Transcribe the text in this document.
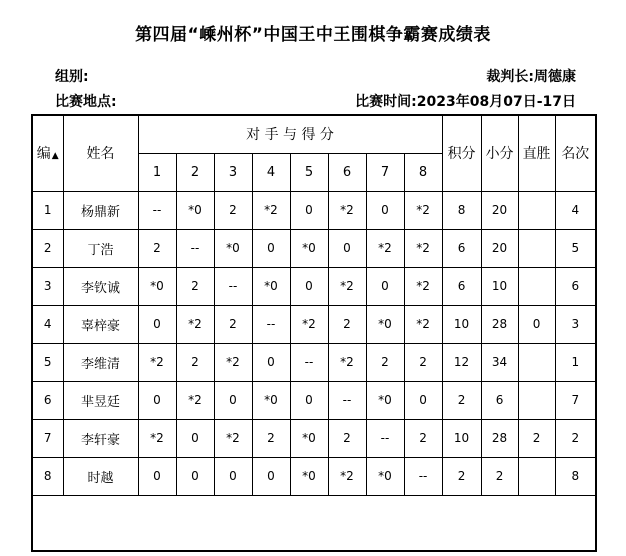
第四届“嵊州杯”中国王中王围棋争霸赛成绩表
组别:	裁判长:周德康
比赛地点:	比赛时间:2023年08月07日-17日
编▲	姓名	对 手 与 得 分								积分	小分	直胜	名次
		1	2	3	4	5	6	7	8				
1	杨鼎新	--	*0	2	*2	0	*2	0	*2	8	20		4
2	丁浩	2	--	*0	0	*0	0	*2	*2	6	20		5
3	李钦诚	*0	2	--	*0	0	*2	0	*2	6	10		6
4	辜梓豪	0	*2	2	--	*2	2	*0	*2	10	28	0	3
5	李维清	*2	2	*2	0	--	*2	2	2	12	34		1
6	芈昱廷	0	*2	0	*0	0	--	*0	0	2	6		7
7	李轩豪	*2	0	*2	2	*0	2	--	2	10	28	2	2
8	时越	0	0	0	0	*0	*2	*0	--	2	2		8
